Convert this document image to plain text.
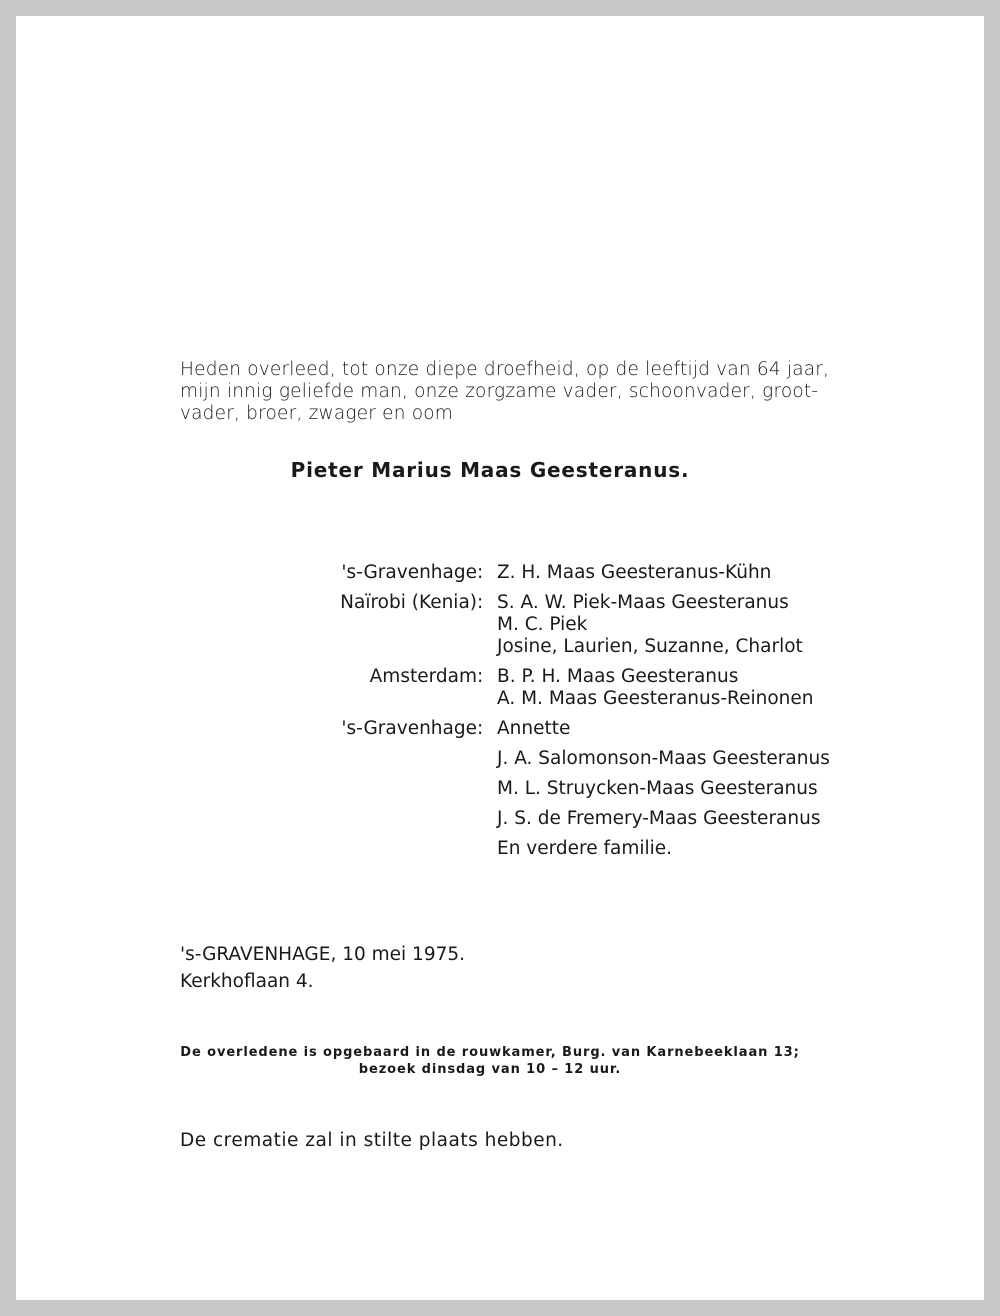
Heden overleed, tot onze diepe droefheid, op de leeftijd van 64 jaar,
mijn innig geliefde man, onze zorgzame vader, schoonvader, groot-
vader, broer, zwager en oom
Pieter Marius Maas Geesteranus.
's-Gravenhage : Z. H. Maas Geesteranus-Kühn
Naïrobi (Kenia) : S. A. W. Piek-Maas Geesteranus
M. C. Piek
Josine, Laurien, Suzanne, Charlot
Amsterdam : B. P. H. Maas Geesteranus
A. M. Maas Geesteranus-Reinonen
's-Gravenhage : Annette
J. A. Salomonson-Maas Geesteranus
M. L. Struycken-Maas Geesteranus
J. S. de Fremery-Maas Geesteranus
En verdere familie.
's-GRAVENHAGE, 10 mei 1975.
Kerkhoflaan 4.
De overledene is opgebaard in de rouwkamer, Burg. van Karnebeeklaan 13;
bezoek dinsdag van 10 – 12 uur.
De crematie zal in stilte plaats hebben.
